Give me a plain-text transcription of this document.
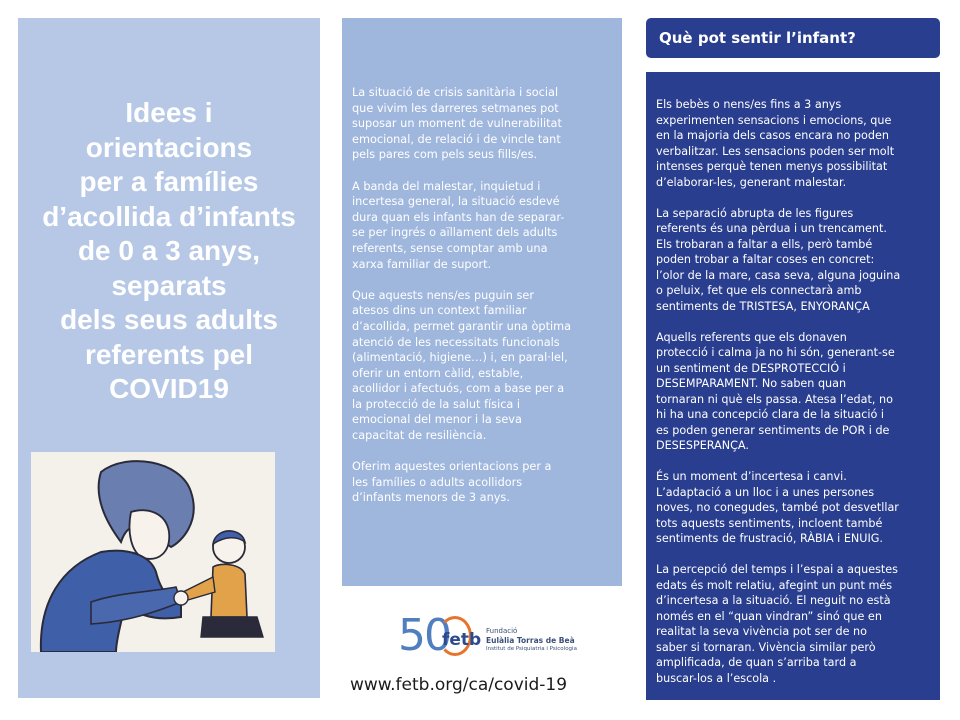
Idees i
orientacions
per a famílies
d’acollida d’infants
de 0 a 3 anys,
separats
dels seus adults
referents pel
COVID19

La situació de crisis sanitària i social
que vivim les darreres setmanes pot
suposar un moment de vulnerabilitat
emocional, de relació i de vincle tant
pels pares com pels seus fills/es.

A banda del malestar, inquietud i
incertesa general, la situació esdevé
dura quan els infants han de separar-
se per ingrés o aïllament dels adults
referents, sense comptar amb una
xarxa familiar de suport.

Que aquests nens/es puguin ser
atesos dins un context familiar
d’acollida, permet garantir una òptima
atenció de les necessitats funcionals
(alimentació, higiene…) i, en paral·lel,
oferir un entorn càlid, estable,
acollidor i afectuós, com a base per a
la protecció de la salut física i
emocional del menor i la seva
capacitat de resiliència.

Oferim aquestes orientacions per a
les famílies o adults acollidors
d’infants menors de 3 anys.

50
fetb Fundació
Eulàlia Torras de Beà
Institut de Psiquiatria i Psicologia
www.fetb.org/ca/covid-19
Què pot sentir l’infant?

Els bebès o nens/es fins a 3 anys
experimenten sensacions i emocions, que
en la majoria dels casos encara no poden
verbalitzar. Les sensacions poden ser molt
intenses perquè tenen menys possibilitat
d’elaborar-les, generant malestar.

La separació abrupta de les figures
referents és una pèrdua i un trencament.
Els trobaran a faltar a ells, però també
poden trobar a faltar coses en concret:
l’olor de la mare, casa seva, alguna joguina
o peluix, fet que els connectarà amb
sentiments de TRISTESA, ENYORANÇA

Aquells referents que els donaven
protecció i calma ja no hi són, generant-se
un sentiment de DESPROTECCIÓ i
DESEMPARAMENT. No saben quan
tornaran ni què els passa. Atesa l’edat, no
hi ha una concepció clara de la situació i
es poden generar sentiments de POR i de
DESESPERANÇA.

És un moment d’incertesa i canvi.
L’adaptació a un lloc i a unes persones
noves, no conegudes, també pot desvetllar
tots aquests sentiments, incloent també
sentiments de frustració, RÀBIA i ENUIG.

La percepció del temps i l’espai a aquestes
edats és molt relatiu, afegint un punt més
d’incertesa a la situació. El neguit no està
només en el “quan vindran” sinó que en
realitat la seva vivència pot ser de no
saber si tornaran. Vivència similar però
amplificada, de quan s’arriba tard a
buscar-los a l’escola .
